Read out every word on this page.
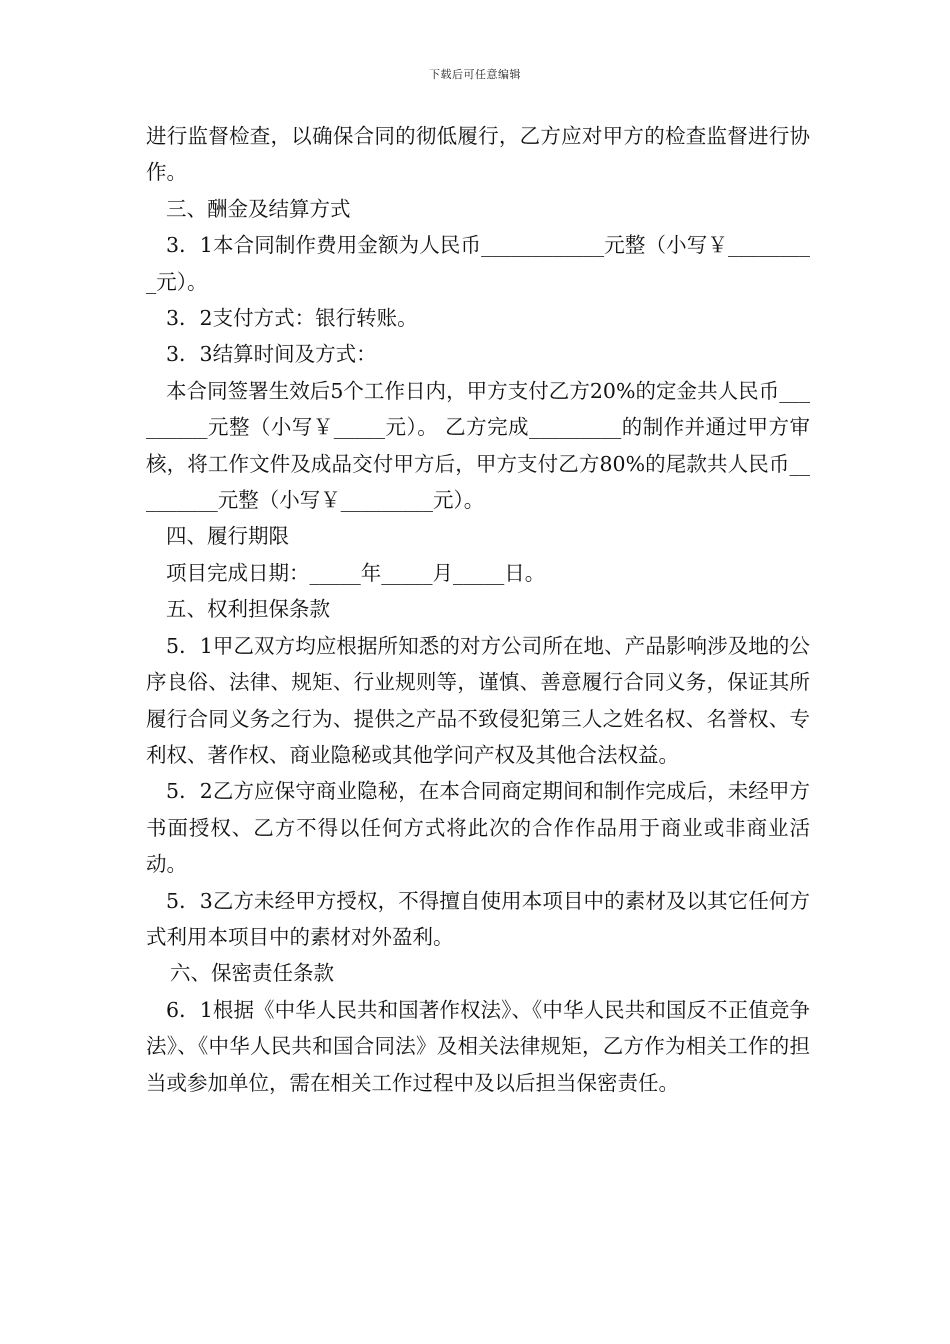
下载后可任意编辑

进行监督检查，以确保合同的彻低履行，乙方应对甲方的检查监督进行协作。

三、酬金及结算方式

3．1本合同制作费用金额为人民币____________元整（小写￥_________元）。

3．2支付方式：银行转账。

3．3结算时间及方式：

本合同签署生效后5个工作日内，甲方支付乙方20%的定金共人民币_________元整（小写￥_____元）。 乙方完成_________的制作并通过甲方审核，将工作文件及成品交付甲方后，甲方支付乙方80%的尾款共人民币_________元整（小写￥_________元）。

四、履行期限

项目完成日期：_____年_____月_____日。

五、权利担保条款

5．1甲乙双方均应根据所知悉的对方公司所在地、产品影响涉及地的公序良俗、法律、规矩、行业规则等，谨慎、善意履行合同义务，保证其所履行合同义务之行为、提供之产品不致侵犯第三人之姓名权、名誉权、专利权、著作权、商业隐秘或其他学问产权及其他合法权益。

5．2乙方应保守商业隐秘，在本合同商定期间和制作完成后，未经甲方书面授权、乙方不得以任何方式将此次的合作作品用于商业或非商业活动。

5．3乙方未经甲方授权，不得擅自使用本项目中的素材及以其它任何方式利用本项目中的素材对外盈利。

六、保密责任条款

6．1根据《中华人民共和国著作权法》、《中华人民共和国反不正值竞争法》、《中华人民共和国合同法》及相关法律规矩，乙方作为相关工作的担当或参加单位，需在相关工作过程中及以后担当保密责任。
